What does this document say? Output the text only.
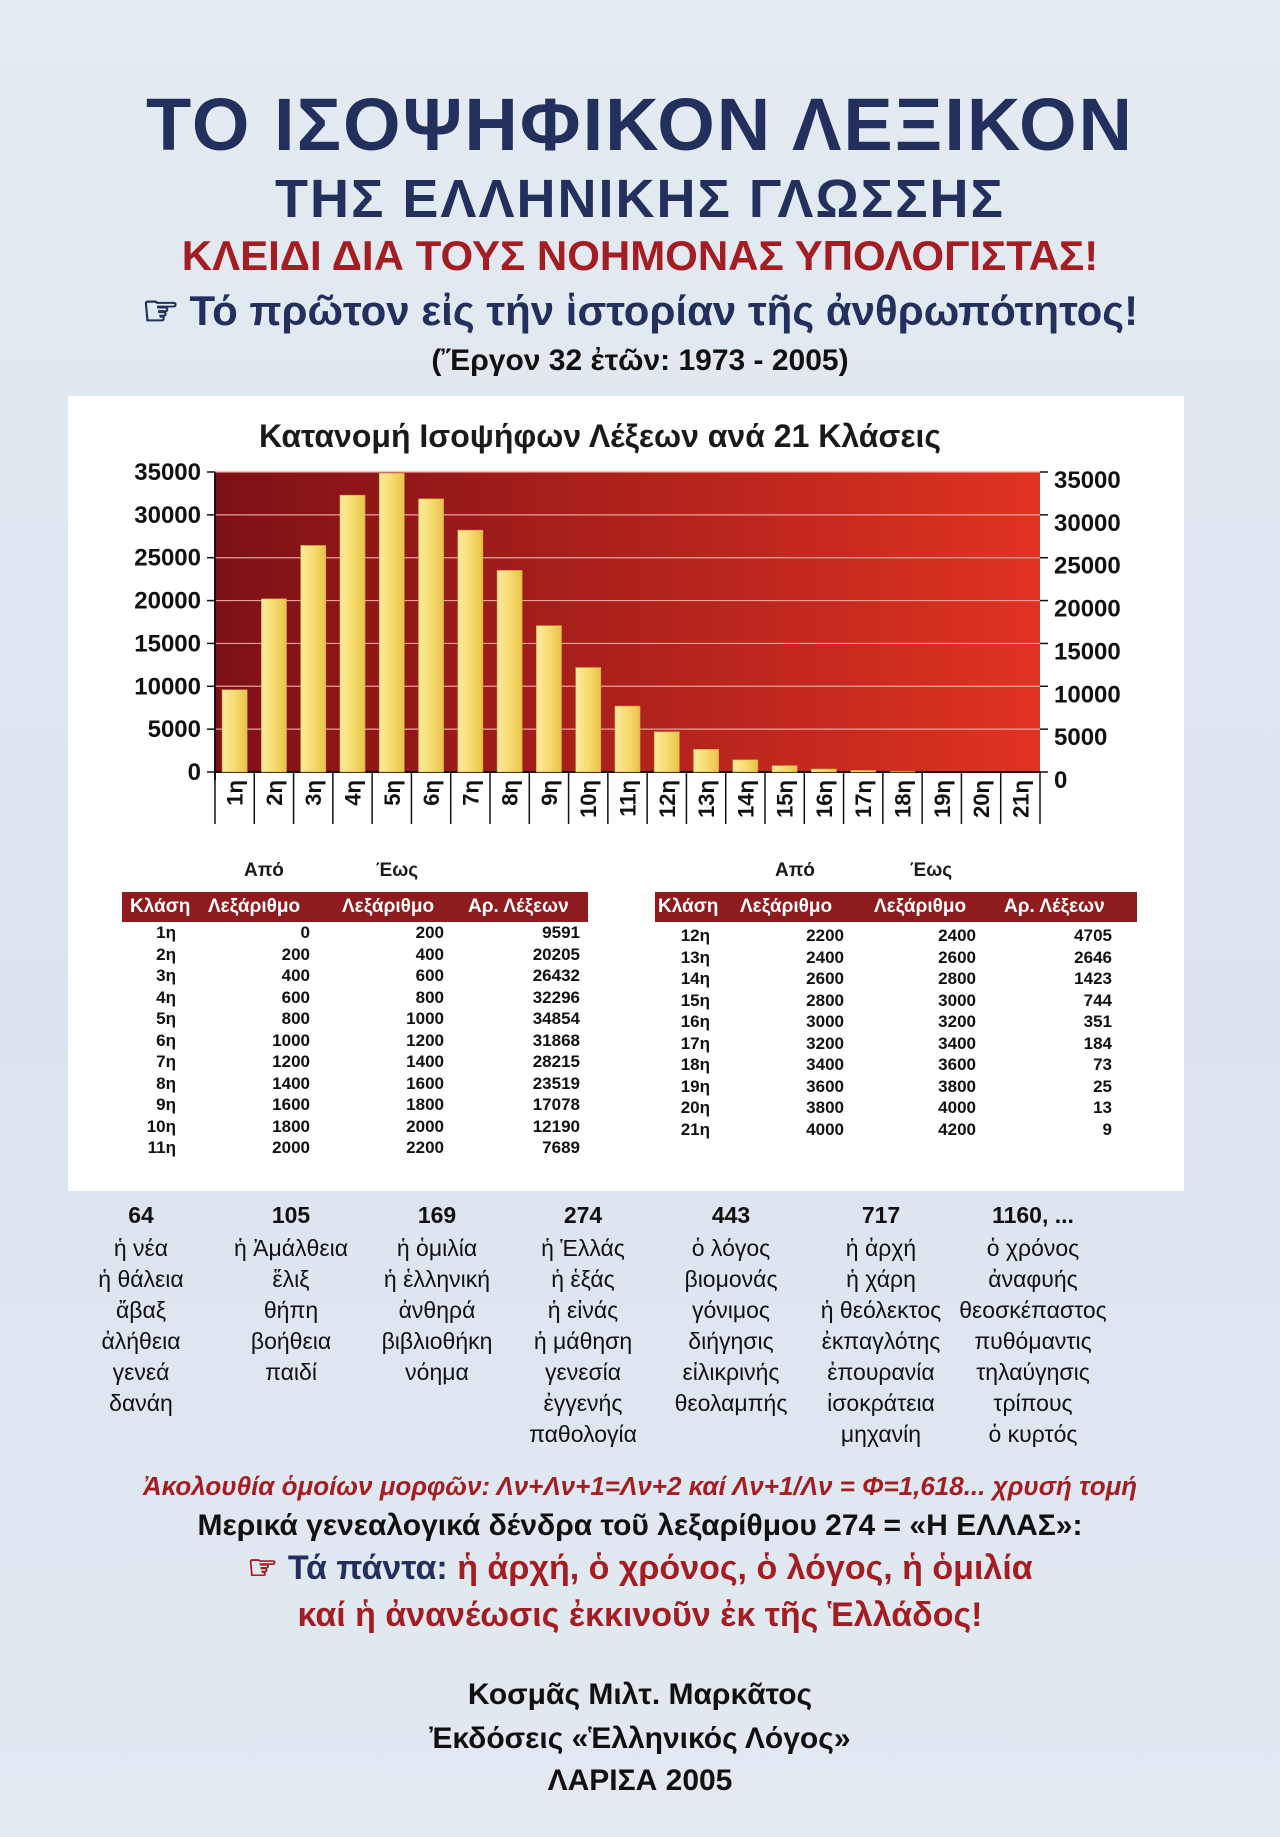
ΤΟ ΙΣΟΨΗΦΙΚΟΝ ΛΕΞΙΚΟΝ
ΤΗΣ ΕΛΛΗΝΙΚΗΣ ΓΛΩΣΣΗΣ
ΚΛΕΙΔΙ ΔΙΑ ΤΟΥΣ ΝΟΗΜΟΝΑΣ ΥΠΟΛΟΓΙΣΤΑΣ!
☞ Τό πρῶτον εἰς τήν ἱστορίαν τῆς ἀνθρωπότητος!
(Ἔργον 32 ἐτῶν: 1973 - 2005)
Κατανομή Ισοψήφων Λέξεων ανά 21 Κλάσεις
0	0
5000	5000
10000	10000
15000	15000
20000	20000
25000	25000
30000	30000
35000	35000
1η 2η 3η 4η 5η 6η 7η 8η 9η 10η 11η 12η 13η 14η 15η 16η 17η 18η 19η 20η 21η
Από	Έως	Από	Έως
Κλάση Λεξάριθμο Λεξάριθμο Αρ. Λέξεων	Κλάση Λεξάριθμο Λεξάριθμο Αρ. Λέξεων
1η	0	200	9591
2η	200	400	20205
3η	400	600	26432
4η	600	800	32296
5η	800	1000	34854
6η	1000	1200	31868
7η	1200	1400	28215
8η	1400	1600	23519
9η	1600	1800	17078
10η	1800	2000	12190
11η	2000	2200	7689
12η	2200	2400	4705
13η	2400	2600	2646
14η	2600	2800	1423
15η	2800	3000	744
16η	3000	3200	351
17η	3200	3400	184
18η	3400	3600	73
19η	3600	3800	25
20η	3800	4000	13
21η	4000	4200	9
64
ἡ νέα
ἡ θάλεια
ἄβαξ
ἀλήθεια
γενεά
δανάη
105
ἡ Ἀμάλθεια
ἕλιξ
θήπη
βοήθεια
παιδί
169
ἡ ὁμιλία
ἡ ἑλληνική
ἀνθηρά
βιβλιοθήκη
νόημα
274
ἡ Ἑλλάς
ἡ ἑξάς
ἡ εἰνάς
ἡ μάθηση
γενεσία
ἐγγενής
παθολογία
443
ὁ λόγος
βιομονάς
γόνιμος
διήγησις
εἰλικρινής
θεολαμπής
717
ἡ ἀρχή
ἡ χάρη
ἡ θεόλεκτος
ἐκπαγλότης
ἐπουρανία
ἰσοκράτεια
μηχανίη
1160, ...
ὁ χρόνος
ἀναφυής
θεοσκέπαστος
πυθόμαντις
τηλαύγησις
τρίπους
ὁ κυρτός
Ἀκολουθία ὁμοίων μορφῶν: Λν+Λν+1=Λν+2 καί Λν+1/Λν = Φ=1,618... χρυσή τομή
Μερικά γενεαλογικά δένδρα τοῦ λεξαρίθμου 274 = «Η ΕΛΛΑΣ»:
☞ Τά πάντα: ἡ ἀρχή, ὁ χρόνος, ὁ λόγος, ἡ ὁμιλία
καί ἡ ἀνανέωσις ἐκκινοῦν ἐκ τῆς Ἑλλάδος!
Κοσμᾶς Μιλτ. Μαρκᾶτος
Ἐκδόσεις «Ἑλληνικός Λόγος»
ΛΑΡΙΣΑ 2005
